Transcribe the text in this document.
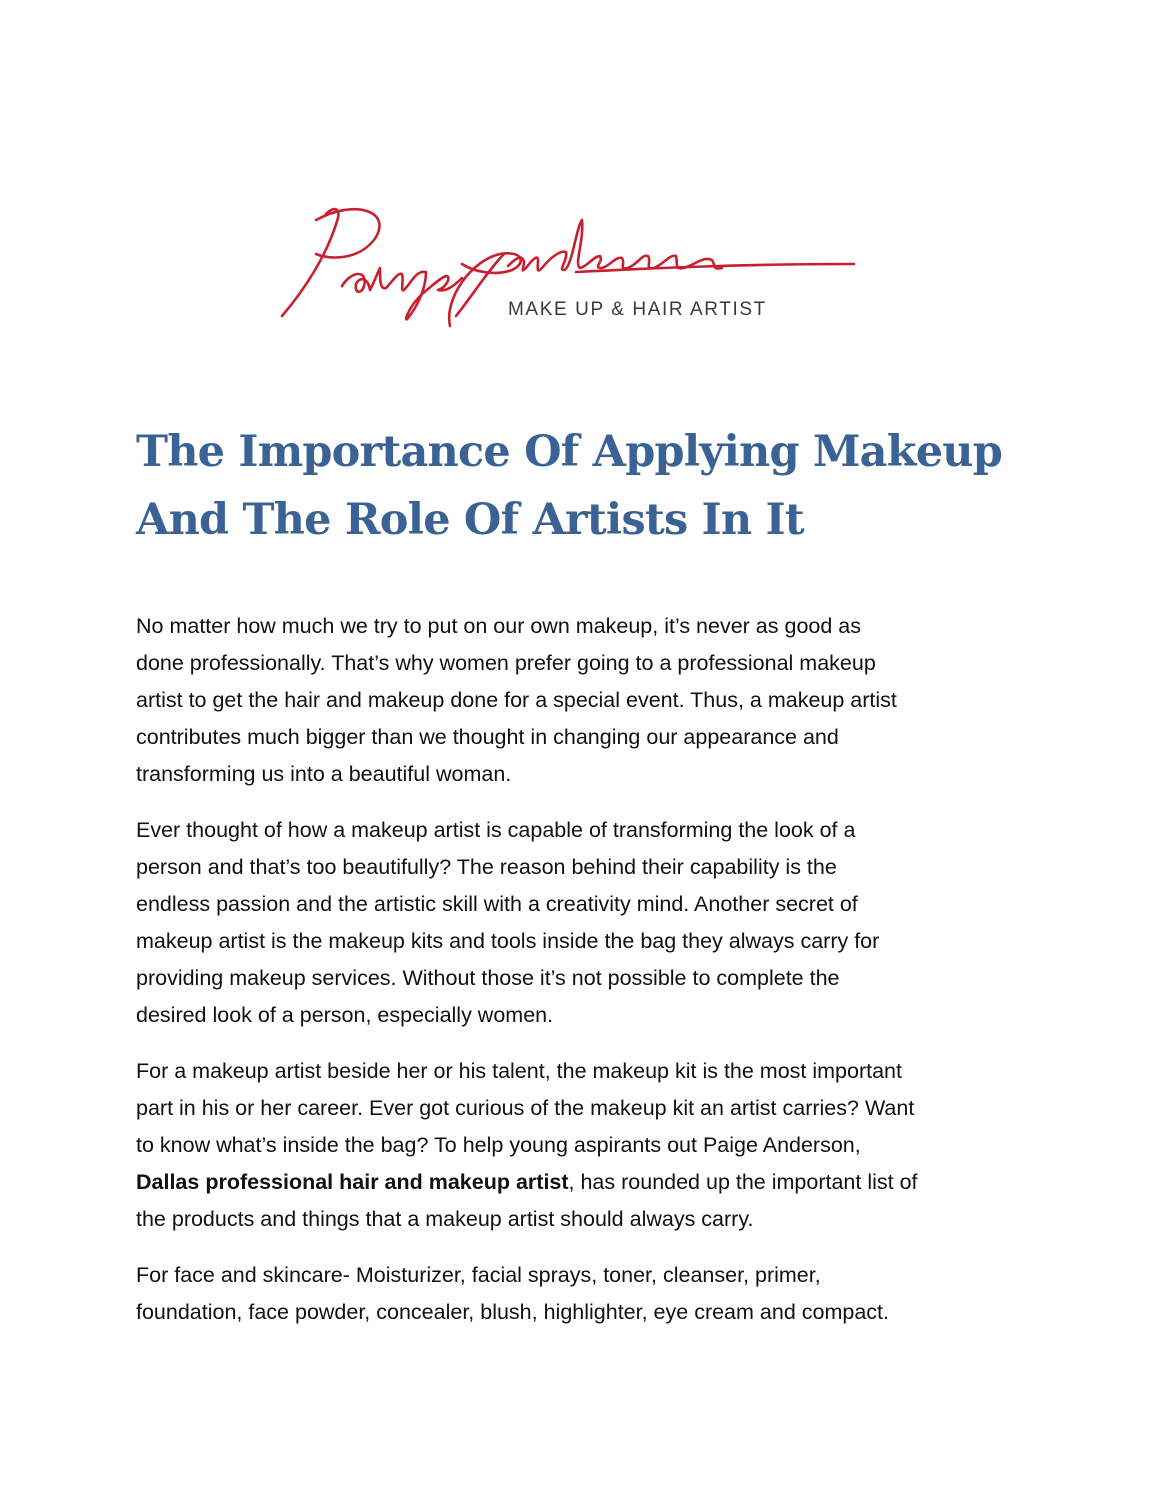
MAKE UP & HAIR ARTIST
The Importance Of Applying Makeup
And The Role Of Artists In It

No matter how much we try to put on our own makeup, it’s never as good as
done professionally. That’s why women prefer going to a professional makeup
artist to get the hair and makeup done for a special event. Thus, a makeup artist
contributes much bigger than we thought in changing our appearance and
transforming us into a beautiful woman.

Ever thought of how a makeup artist is capable of transforming the look of a
person and that’s too beautifully? The reason behind their capability is the
endless passion and the artistic skill with a creativity mind. Another secret of
makeup artist is the makeup kits and tools inside the bag they always carry for
providing makeup services. Without those it’s not possible to complete the
desired look of a person, especially women.

For a makeup artist beside her or his talent, the makeup kit is the most important
part in his or her career. Ever got curious of the makeup kit an artist carries? Want
to know what’s inside the bag? To help young aspirants out Paige Anderson,
Dallas professional hair and makeup artist, has rounded up the important list of
the products and things that a makeup artist should always carry.

For face and skincare- Moisturizer, facial sprays, toner, cleanser, primer,
foundation, face powder, concealer, blush, highlighter, eye cream and compact.
